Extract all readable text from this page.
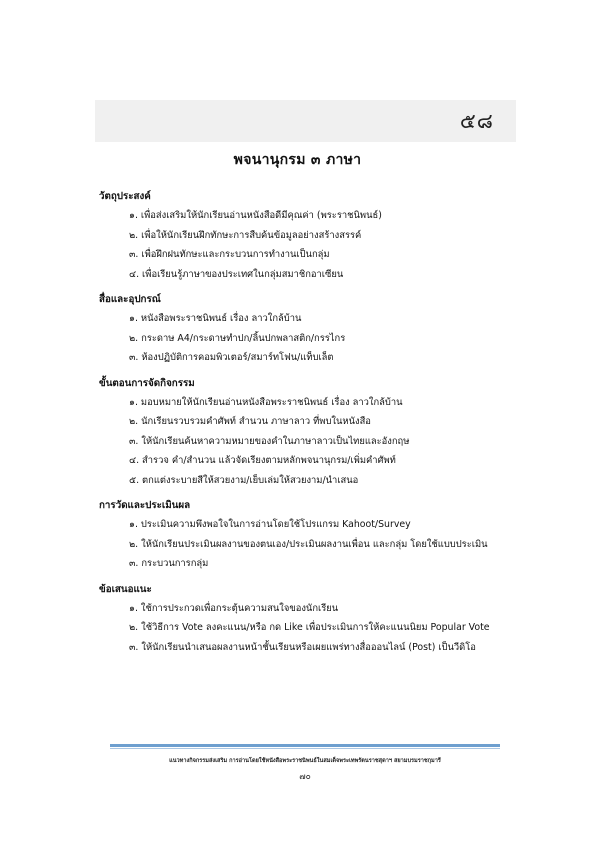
๕๘
พจนานุกรม ๓ ภาษา
วัตถุประสงค์
๑. เพื่อส่งเสริมให้นักเรียนอ่านหนังสือดีมีคุณค่า (พระราชนิพนธ์)
๒. เพื่อให้นักเรียนฝึกทักษะการสืบค้นข้อมูลอย่างสร้างสรรค์
๓. เพื่อฝึกฝนทักษะและกระบวนการทำงานเป็นกลุ่ม
๔. เพื่อเรียนรู้ภาษาของประเทศในกลุ่มสมาชิกอาเซียน
สื่อและอุปกรณ์
๑. หนังสือพระราชนิพนธ์ เรื่อง ลาวใกล้บ้าน
๒. กระดาษ A4/กระดาษทำปก/ลิ้นปกพลาสติก/กรรไกร
๓. ห้องปฏิบัติการคอมพิวเตอร์/สมาร์ทโฟน/แท็บเล็ต
ขั้นตอนการจัดกิจกรรม
๑. มอบหมายให้นักเรียนอ่านหนังสือพระราชนิพนธ์ เรื่อง ลาวใกล้บ้าน
๒. นักเรียนรวบรวมคำศัพท์ สำนวน ภาษาลาว ที่พบในหนังสือ
๓. ให้นักเรียนค้นหาความหมายของคำในภาษาลาวเป็นไทยและอังกฤษ
๔. สำรวจ คำ/สำนวน แล้วจัดเรียงตามหลักพจนานุกรม/เพิ่มคำศัพท์
๕. ตกแต่งระบายสีให้สวยงาม/เย็บเล่มให้สวยงาม/นำเสนอ
การวัดและประเมินผล
๑. ประเมินความพึงพอใจในการอ่านโดยใช้โปรแกรม Kahoot/Survey
๒. ให้นักเรียนประเมินผลงานของตนเอง/ประเมินผลงานเพื่อน และกลุ่ม โดยใช้แบบประเมิน
๓. กระบวนการกลุ่ม
ข้อเสนอแนะ
๑. ใช้การประกวดเพื่อกระตุ้นความสนใจของนักเรียน
๒. ใช้วิธีการ Vote ลงคะแนน/หรือ กด Like เพื่อประเมินการให้คะแนนนิยม Popular Vote
๓. ให้นักเรียนนำเสนอผลงานหน้าชั้นเรียนหรือเผยแพร่ทางสื่อออนไลน์ (Post) เป็นวีดิโอ
แนวทางกิจกรรมส่งเสริม การอ่านโดยใช้หนังสือพระราชนิพนธ์ในสมเด็จพระเทพรัตนราชสุดาฯ สยามบรมราชกุมารี
๗๐
